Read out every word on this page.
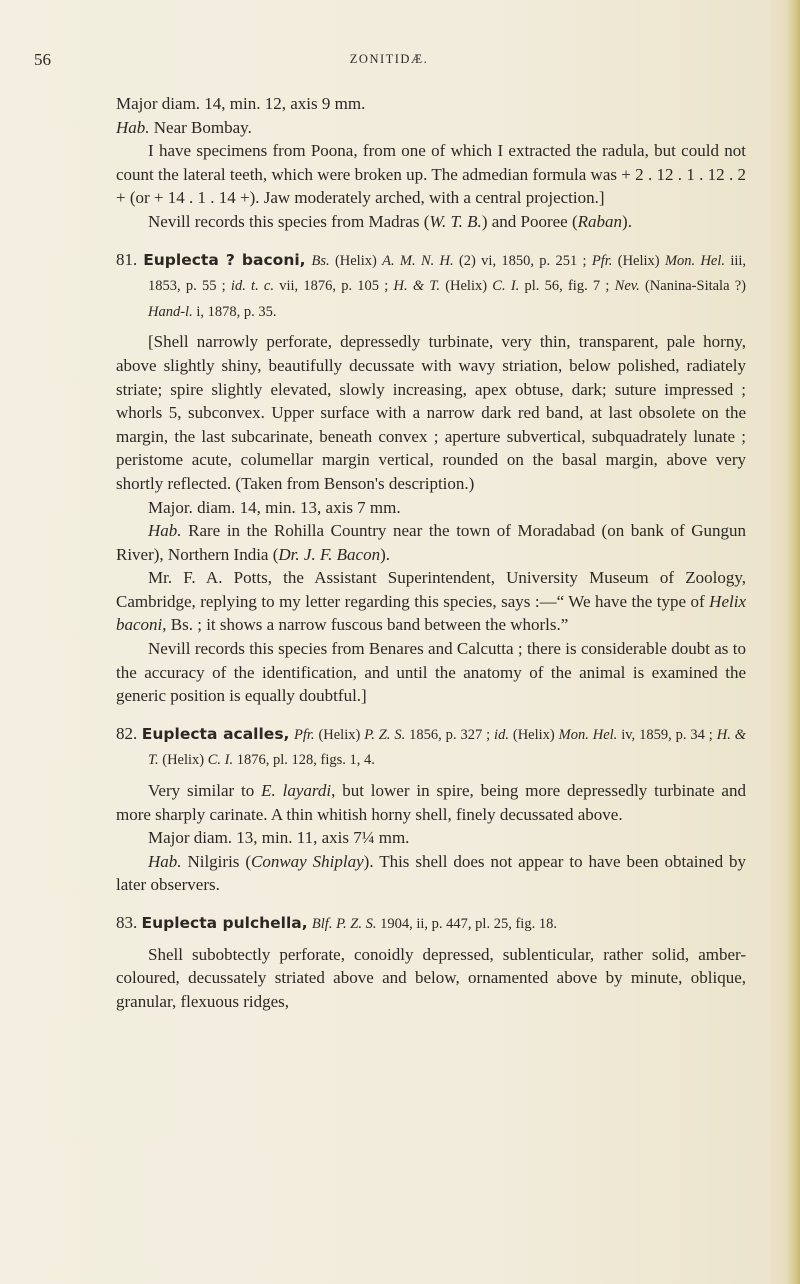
56	ZONITIDÆ.

Major diam. 14, min. 12, axis 9 mm.

Hab. Near Bombay.

I have specimens from Poona, from one of which I extracted the radula, but could not count the lateral teeth, which were broken up. The admedian formula was + 2 . 12 . 1 . 12 . 2 + (or + 14 . 1 . 14 +). Jaw moderately arched, with a central projection.]

Nevill records this species from Madras (W. T. B.) and Pooree (Raban).

81. Euplecta ? baconi, Bs. (Helix) A. M. N. H. (2) vi, 1850, p. 251 ; Pfr. (Helix) Mon. Hel. iii, 1853, p. 55 ; id. t. c. vii, 1876, p. 105 ; H. & T. (Helix) C. I. pl. 56, fig. 7 ; Nev. (Nanina-Sitala ?) Hand-l. i, 1878, p. 35.

[Shell narrowly perforate, depressedly turbinate, very thin, transparent, pale horny, above slightly shiny, beautifully decussate with wavy striation, below polished, radiately striate; spire slightly elevated, slowly increasing, apex obtuse, dark; suture impressed ; whorls 5, subconvex. Upper surface with a narrow dark red band, at last obsolete on the margin, the last subcarinate, beneath convex ; aperture subvertical, subquadrately lunate ; peristome acute, columellar margin vertical, rounded on the basal margin, above very shortly reflected. (Taken from Benson's description.)

Major. diam. 14, min. 13, axis 7 mm.

Hab. Rare in the Rohilla Country near the town of Moradabad (on bank of Gungun River), Northern India (Dr. J. F. Bacon).

Mr. F. A. Potts, the Assistant Superintendent, University Museum of Zoology, Cambridge, replying to my letter regarding this species, says :—“ We have the type of Helix baconi, Bs. ; it shows a narrow fuscous band between the whorls.”

Nevill records this species from Benares and Calcutta ; there is considerable doubt as to the accuracy of the identification, and until the anatomy of the animal is examined the generic position is equally doubtful.]

82. Euplecta acalles, Pfr. (Helix) P. Z. S. 1856, p. 327 ; id. (Helix) Mon. Hel. iv, 1859, p. 34 ; H. & T. (Helix) C. I. 1876, pl. 128, figs. 1, 4.

Very similar to E. layardi, but lower in spire, being more depressedly turbinate and more sharply carinate. A thin whitish horny shell, finely decussated above.

Major diam. 13, min. 11, axis 7¼ mm.

Hab. Nilgiris (Conway Shiplay). This shell does not appear to have been obtained by later observers.

83. Euplecta pulchella, Blf. P. Z. S. 1904, ii, p. 447, pl. 25, fig. 18.

Shell subobtectly perforate, conoidly depressed, sublenticular, rather solid, amber-coloured, decussately striated above and below, ornamented above by minute, oblique, granular, flexuous ridges,
